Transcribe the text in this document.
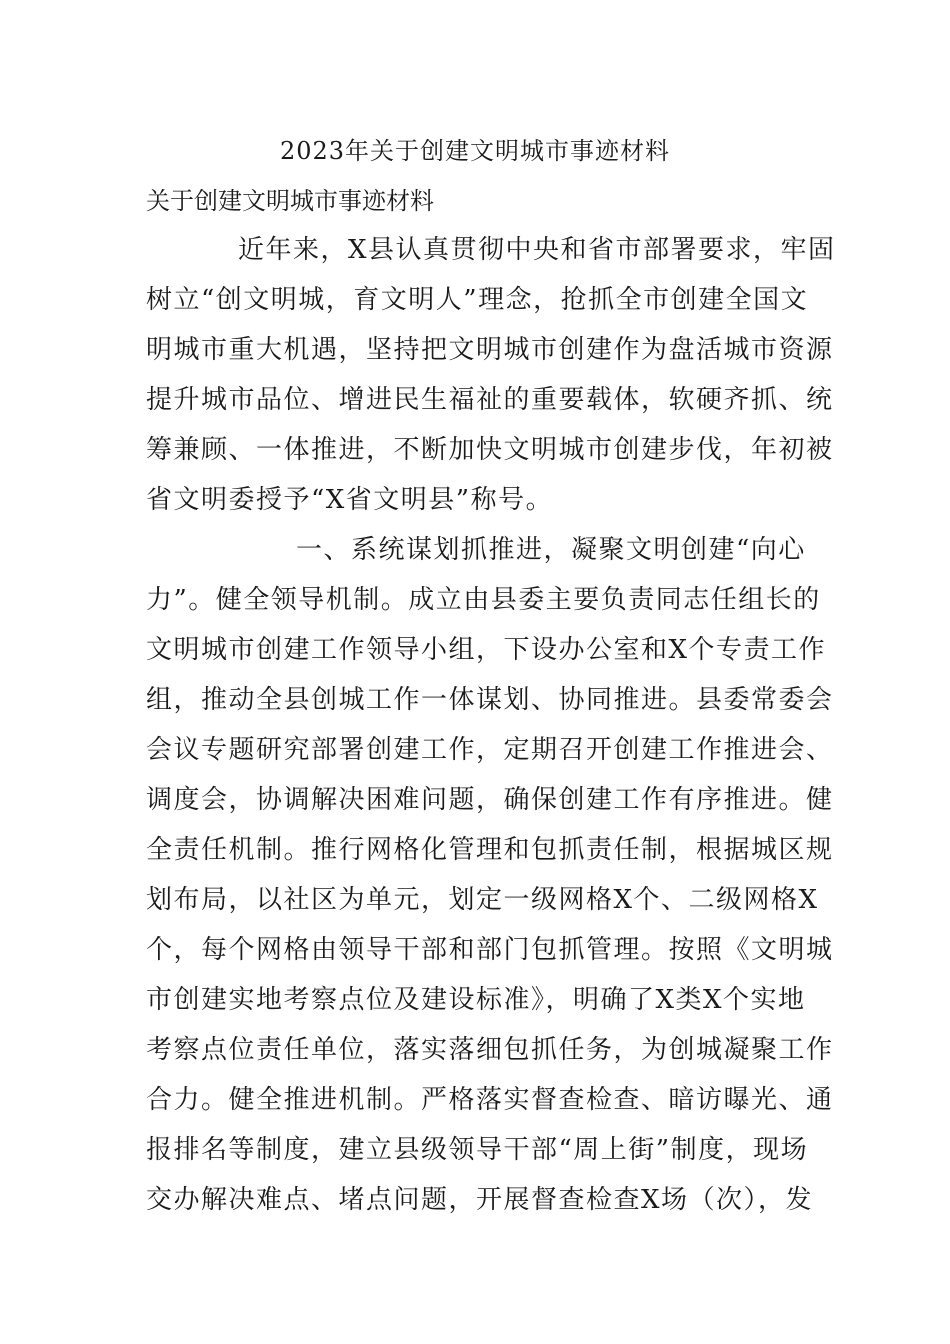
2023年关于创建文明城市事迹材料
关于创建文明城市事迹材料
近年来，X县认真贯彻中央和省市部署要求，牢固
树立“创文明城，育文明人”理念，抢抓全市创建全国文
明城市重大机遇，坚持把文明城市创建作为盘活城市资源
提升城市品位、增进民生福祉的重要载体，软硬齐抓、统
筹兼顾、一体推进，不断加快文明城市创建步伐，年初被
省文明委授予“X省文明县”称号。
一、系统谋划抓推进，凝聚文明创建“向心
力”。健全领导机制。成立由县委主要负责同志任组长的
文明城市创建工作领导小组，下设办公室和X个专责工作
组，推动全县创城工作一体谋划、协同推进。县委常委会
会议专题研究部署创建工作，定期召开创建工作推进会、
调度会，协调解决困难问题，确保创建工作有序推进。健
全责任机制。推行网格化管理和包抓责任制，根据城区规
划布局，以社区为单元，划定一级网格X个、二级网格X
个，每个网格由领导干部和部门包抓管理。按照《文明城
市创建实地考察点位及建设标准》，明确了X类X个实地
考察点位责任单位，落实落细包抓任务，为创城凝聚工作
合力。健全推进机制。严格落实督查检查、暗访曝光、通
报排名等制度，建立县级领导干部“周上街”制度，现场
交办解决难点、堵点问题，开展督查检查X场（次），发
